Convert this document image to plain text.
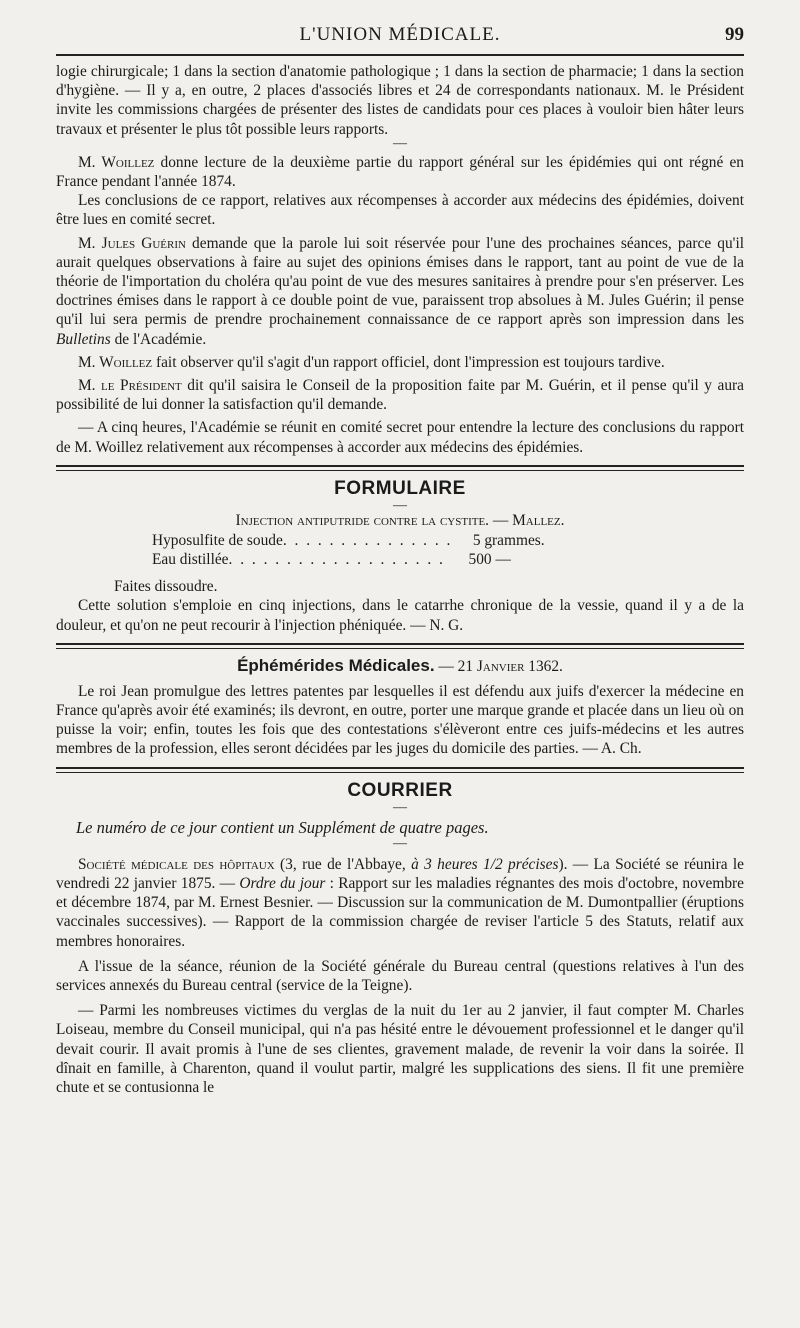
L'UNION MÉDICALE.	99

logie chirurgicale; 1 dans la section d'anatomie pathologique ; 1 dans la section de pharmacie; 1 dans la section d'hygiène. — Il y a, en outre, 2 places d'associés libres et 24 de correspondants nationaux. M. le Président invite les commissions chargées de présenter des listes de candidats pour ces places à vouloir bien hâter leurs travaux et présenter le plus tôt possible leurs rapports.

—

M. Woillez donne lecture de la deuxième partie du rapport général sur les épidémies qui ont régné en France pendant l'année 1874.

Les conclusions de ce rapport, relatives aux récompenses à accorder aux médecins des épidémies, doivent être lues en comité secret.

M. Jules Guérin demande que la parole lui soit réservée pour l'une des prochaines séances, parce qu'il aurait quelques observations à faire au sujet des opinions émises dans le rapport, tant au point de vue de la théorie de l'importation du choléra qu'au point de vue des mesures sanitaires à prendre pour s'en préserver. Les doctrines émises dans le rapport à ce double point de vue, paraissent trop absolues à M. Jules Guérin; il pense qu'il lui sera permis de prendre prochainement connaissance de ce rapport après son impression dans les Bulletins de l'Académie.

M. Woillez fait observer qu'il s'agit d'un rapport officiel, dont l'impression est toujours tardive.

M. le Président dit qu'il saisira le Conseil de la proposition faite par M. Guérin, et il pense qu'il y aura possibilité de lui donner la satisfaction qu'il demande.

— A cinq heures, l'Académie se réunit en comité secret pour entendre la lecture des conclusions du rapport de M. Woillez relativement aux récompenses à accorder aux médecins des épidémies.

FORMULAIRE
—
Injection antiputride contre la cystite. — Mallez.
Hyposulfite de soude . . . . . . . . . . . . . . .	5 grammes.
Eau distillée . . . . . . . . . . . . . . . . . . .	500 —

Faites dissoudre.

Cette solution s'emploie en cinq injections, dans le catarrhe chronique de la vessie, quand il y a de la douleur, et qu'on ne peut recourir à l'injection phéniquée. — N. G.

Éphémérides Médicales. — 21 Janvier 1362.

Le roi Jean promulgue des lettres patentes par lesquelles il est défendu aux juifs d'exercer la médecine en France qu'après avoir été examinés; ils devront, en outre, porter une marque grande et placée dans un lieu où on puisse la voir; enfin, toutes les fois que des contestations s'élèveront entre ces juifs-médecins et les autres membres de la profession, elles seront décidées par les juges du domicile des parties. — A. Ch.

COURRIER
—
Le numéro de ce jour contient un Supplément de quatre pages.
—

Société médicale des hôpitaux (3, rue de l'Abbaye, à 3 heures 1/2 précises). — La Société se réunira le vendredi 22 janvier 1875. — Ordre du jour : Rapport sur les maladies régnantes des mois d'octobre, novembre et décembre 1874, par M. Ernest Besnier. — Discussion sur la communication de M. Dumontpallier (éruptions vaccinales successives). — Rapport de la commission chargée de reviser l'article 5 des Statuts, relatif aux membres honoraires.

A l'issue de la séance, réunion de la Société générale du Bureau central (questions relatives à l'un des services annexés du Bureau central (service de la Teigne).

— Parmi les nombreuses victimes du verglas de la nuit du 1er au 2 janvier, il faut compter M. Charles Loiseau, membre du Conseil municipal, qui n'a pas hésité entre le dévouement professionnel et le danger qu'il devait courir. Il avait promis à l'une de ses clientes, gravement malade, de revenir la voir dans la soirée. Il dînait en famille, à Charenton, quand il voulut partir, malgré les supplications des siens. Il fit une première chute et se contusionna le
